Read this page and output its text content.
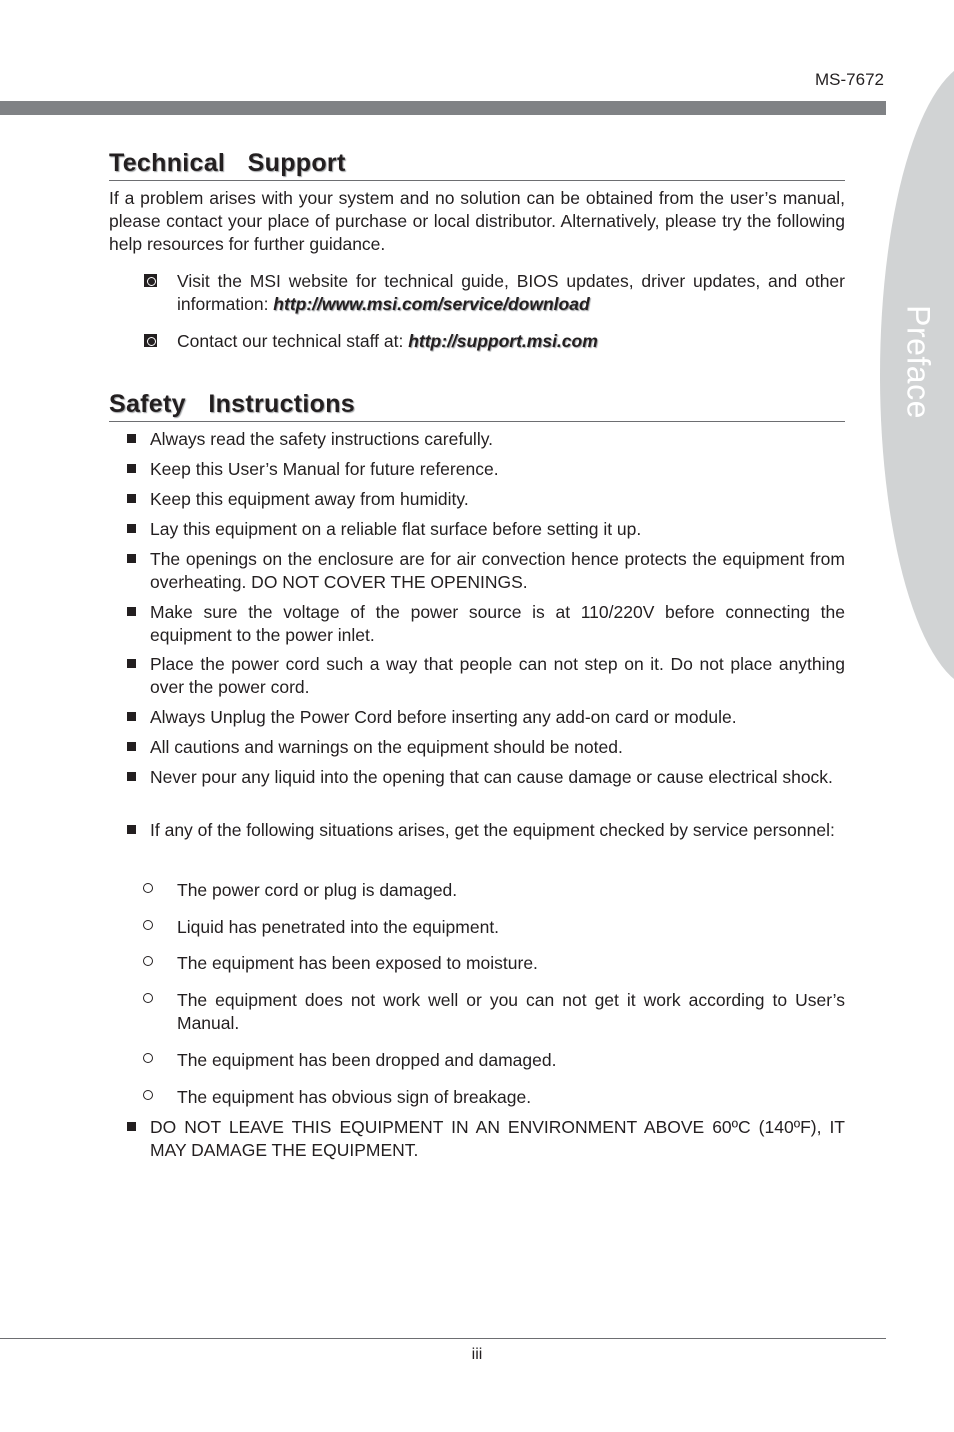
MS-7672
Preface
Technical  Support

If a problem arises with your system and no solution can be obtained from the user’s manual, please contact your place of purchase or local distributor. Alternatively, please try the following help resources for further guidance.

Visit the MSI website for technical guide, BIOS updates, driver updates, and other information: http://www.msi.com/service/download

Contact our technical staff at: http://support.msi.com

Safety  Instructions

Always read the safety instructions carefully.

Keep this User’s Manual for future reference.

Keep this equipment away from humidity.

Lay this equipment on a reliable flat surface before setting it up.

The openings on the enclosure are for air convection hence protects the equipment from overheating. DO NOT COVER THE OPENINGS.

Make sure the voltage of the power source is at 110/220V before connecting the equipment to the power inlet.

Place the power cord such a way that people can not step on it. Do not place anything over the power cord.

Always Unplug the Power Cord before inserting any add-on card or module.

All cautions and warnings on the equipment should be noted.

Never pour any liquid into the opening that can cause damage or cause electrical shock.

If any of the following situations arises, get the equipment checked by service personnel:

The power cord or plug is damaged.

Liquid has penetrated into the equipment.

The equipment has been exposed to moisture.

The equipment does not work well or you can not get it work according to User’s Manual.

The equipment has been dropped and damaged.

The equipment has obvious sign of breakage.

DO NOT LEAVE THIS EQUIPMENT IN AN ENVIRONMENT ABOVE 60ºC (140ºF), IT MAY DAMAGE THE EQUIPMENT.

iii
